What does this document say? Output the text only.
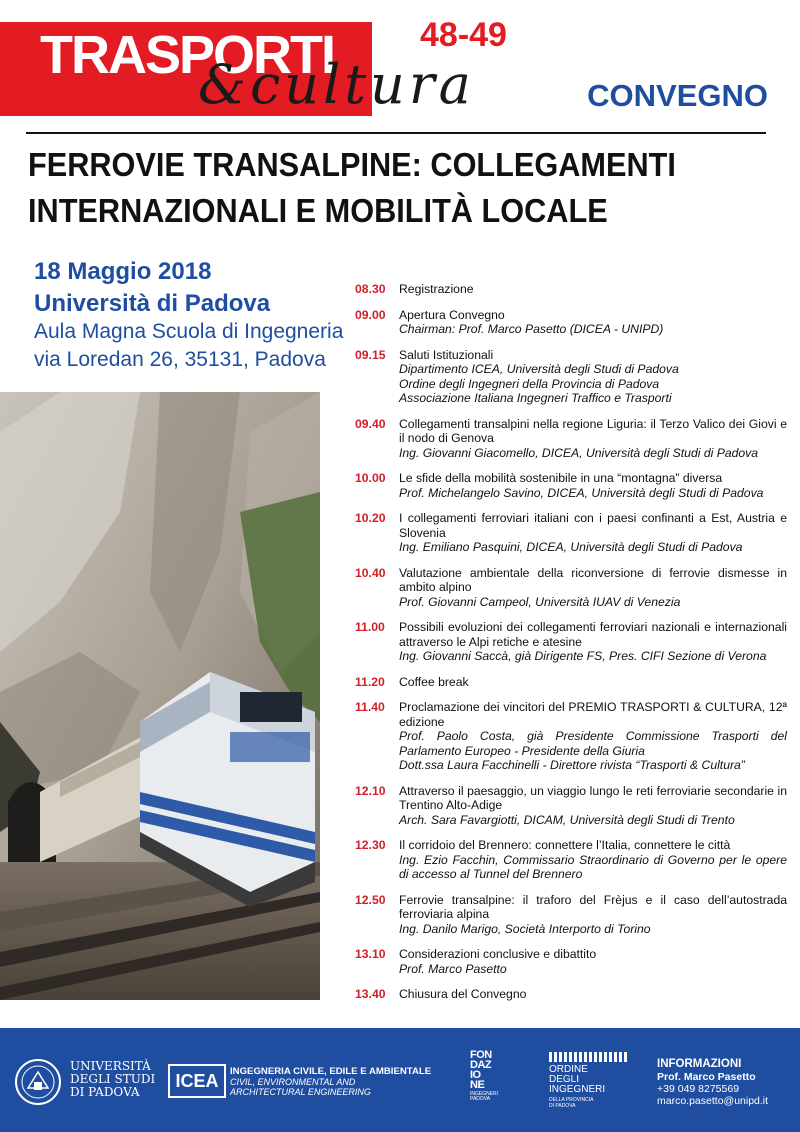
TRASPORTI
&cultura
48-49
CONVEGNO
FERROVIE TRANSALPINE: COLLEGAMENTI
INTERNAZIONALI E MOBILITÀ LOCALE
18 Maggio 2018
Università di Padova
Aula Magna Scuola di Ingegneria
via Loredan 26, 35131, Padova
08.30 Registrazione
09.00 Apertura Convegno
Chairman: Prof. Marco Pasetto (DICEA - UNIPD)
09.15 Saluti Istituzionali
Dipartimento ICEA, Università degli Studi di Padova
Ordine degli Ingegneri della Provincia di Padova
Associazione Italiana Ingegneri Traffico e Trasporti
09.40 Collegamenti transalpini nella regione Liguria: il Terzo Valico dei Giovi e il nodo di Genova
Ing. Giovanni Giacomello, DICEA, Università degli Studi di Padova
10.00 Le sfide della mobilità sostenibile in una “montagna” diversa
Prof. Michelangelo Savino, DICEA, Università degli Studi di Padova
10.20 I collegamenti ferroviari italiani con i paesi confinanti a Est, Austria e Slovenia
Ing. Emiliano Pasquini, DICEA, Università degli Studi di Padova
10.40 Valutazione ambientale della riconversione di ferrovie dismesse in ambito alpino
Prof. Giovanni Campeol, Università IUAV di Venezia
11.00 Possibili evoluzioni dei collegamenti ferroviari nazionali e internazionali attraverso le Alpi retiche e atesine
Ing. Giovanni Saccà, già Dirigente FS, Pres. CIFI Sezione di Verona
11.20 Coffee break
11.40 Proclamazione dei vincitori del PREMIO TRASPORTI & CULTURA, 12ª edizione
Prof. Paolo Costa, già Presidente Commissione Trasporti del Parlamento Europeo - Presidente della Giuria
Dott.ssa Laura Facchinelli - Direttore rivista “Trasporti & Cultura”
12.10 Attraverso il paesaggio, un viaggio lungo le reti ferroviarie secondarie in Trentino Alto-Adige
Arch. Sara Favargiotti, DICAM, Università degli Studi di Trento
12.30 Il corridoio del Brennero: connettere l’Italia, connettere le città
Ing. Ezio Facchin, Commissario Straordinario di Governo per le opere di accesso al Tunnel del Brennero
12.50 Ferrovie transalpine: il traforo del Frèjus e il caso dell’autostrada ferroviaria alpina
Ing. Danilo Marigo, Società Interporto di Torino
13.10 Considerazioni conclusive e dibattito
Prof. Marco Pasetto
13.40 Chiusura del Convegno
UNIVERSITÀ
DEGLI STUDI
DI PADOVA
ICEA	INGEGNERIA CIVILE, EDILE E AMBIENTALE
CIVIL, ENVIRONMENTAL AND
ARCHITECTURAL ENGINEERING
FON
DAZ
IO
NE
INGEGNERI
PADOVA
ORDINE
DEGLI
INGEGNERI
DELLA PROVINCIA
DI PADOVA
INFORMAZIONI
Prof. Marco Pasetto
+39 049 8275569
marco.pasetto@unipd.it
